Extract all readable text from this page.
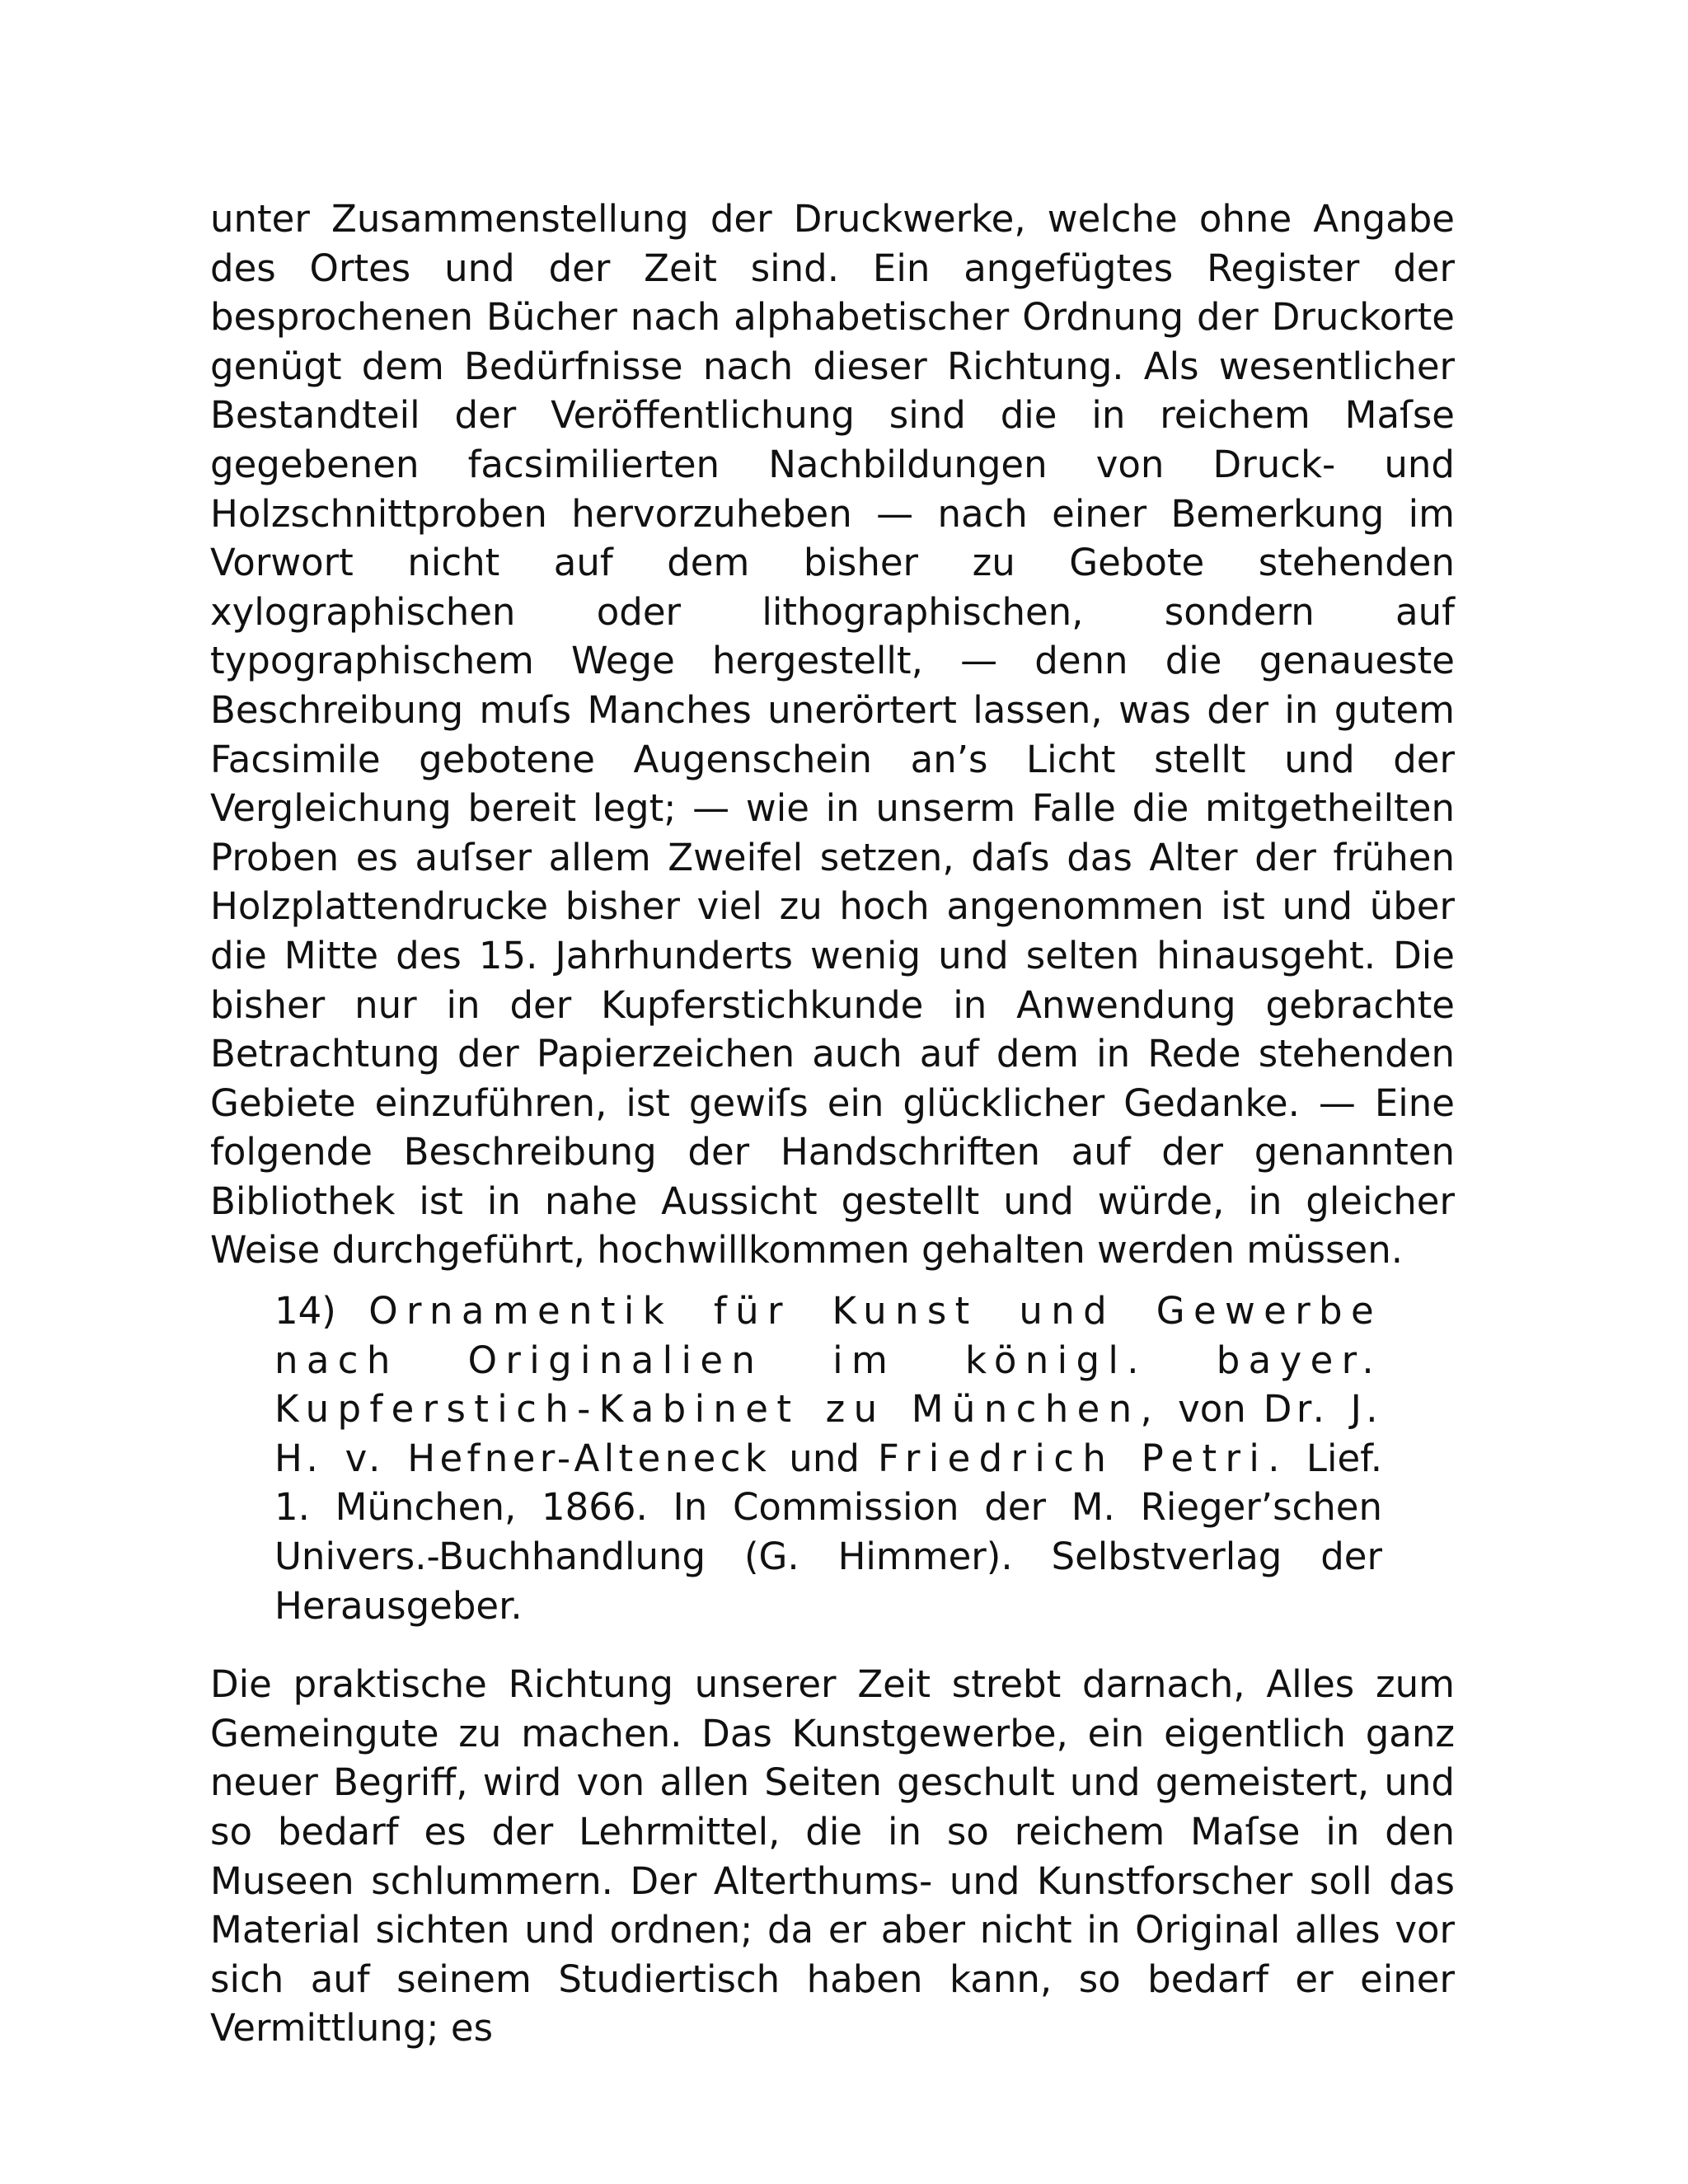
unter Zusammenstellung der Druckwerke, welche ohne Angabe des Ortes und der Zeit sind. Ein angefügtes Register der besprochenen Bücher nach alphabetischer Ordnung der Druckorte genügt dem Bedürfnisse nach dieser Richtung. Als wesentlicher Bestandteil der Veröffentlichung sind die in reichem Maſse gegebenen facsimilierten Nachbildungen von Druck- und Holzschnittproben hervorzuheben — nach einer Bemerkung im Vorwort nicht auf dem bisher zu Gebote stehenden xylographischen oder lithographischen, sondern auf typographischem Wege hergestellt, — denn die genaueste Beschreibung muſs Manches unerörtert lassen, was der in gutem Facsimile gebotene Augenschein an’s Licht stellt und der Vergleichung bereit legt; — wie in unserm Falle die mitgetheilten Proben es auſser allem Zweifel setzen, daſs das Alter der frühen Holzplattendrucke bisher viel zu hoch angenommen ist und über die Mitte des 15. Jahrhunderts wenig und selten hinausgeht. Die bisher nur in der Kupferstichkunde in Anwendung gebrachte Betrachtung der Papierzeichen auch auf dem in Rede stehenden Gebiete einzuführen, ist gewiſs ein glücklicher Gedanke. — Eine folgende Beschreibung der Handschriften auf der genannten Bibliothek ist in nahe Aussicht gestellt und würde, in gleicher Weise durchgeführt, hochwillkommen gehalten werden müssen.

14) Ornamentik für Kunst und Gewerbe nach Originalien im königl. bayer. Kupferstich-Kabinet zu München, von Dr. J. H. v. Hefner-Alteneck und Friedrich Petri. Lief. 1. München, 1866. In Commission der M. Rieger’schen Univers.-Buchhandlung (G. Himmer). Selbstverlag der Herausgeber.

Die praktische Richtung unserer Zeit strebt darnach, Alles zum Gemeingute zu machen. Das Kunstgewerbe, ein eigentlich ganz neuer Begriff, wird von allen Seiten geschult und gemeistert, und so bedarf es der Lehrmittel, die in so reichem Maſse in den Museen schlummern. Der Alterthums- und Kunstforscher soll das Material sichten und ordnen; da er aber nicht in Original alles vor sich auf seinem Studiertisch haben kann, so bedarf er einer Vermittlung; es
